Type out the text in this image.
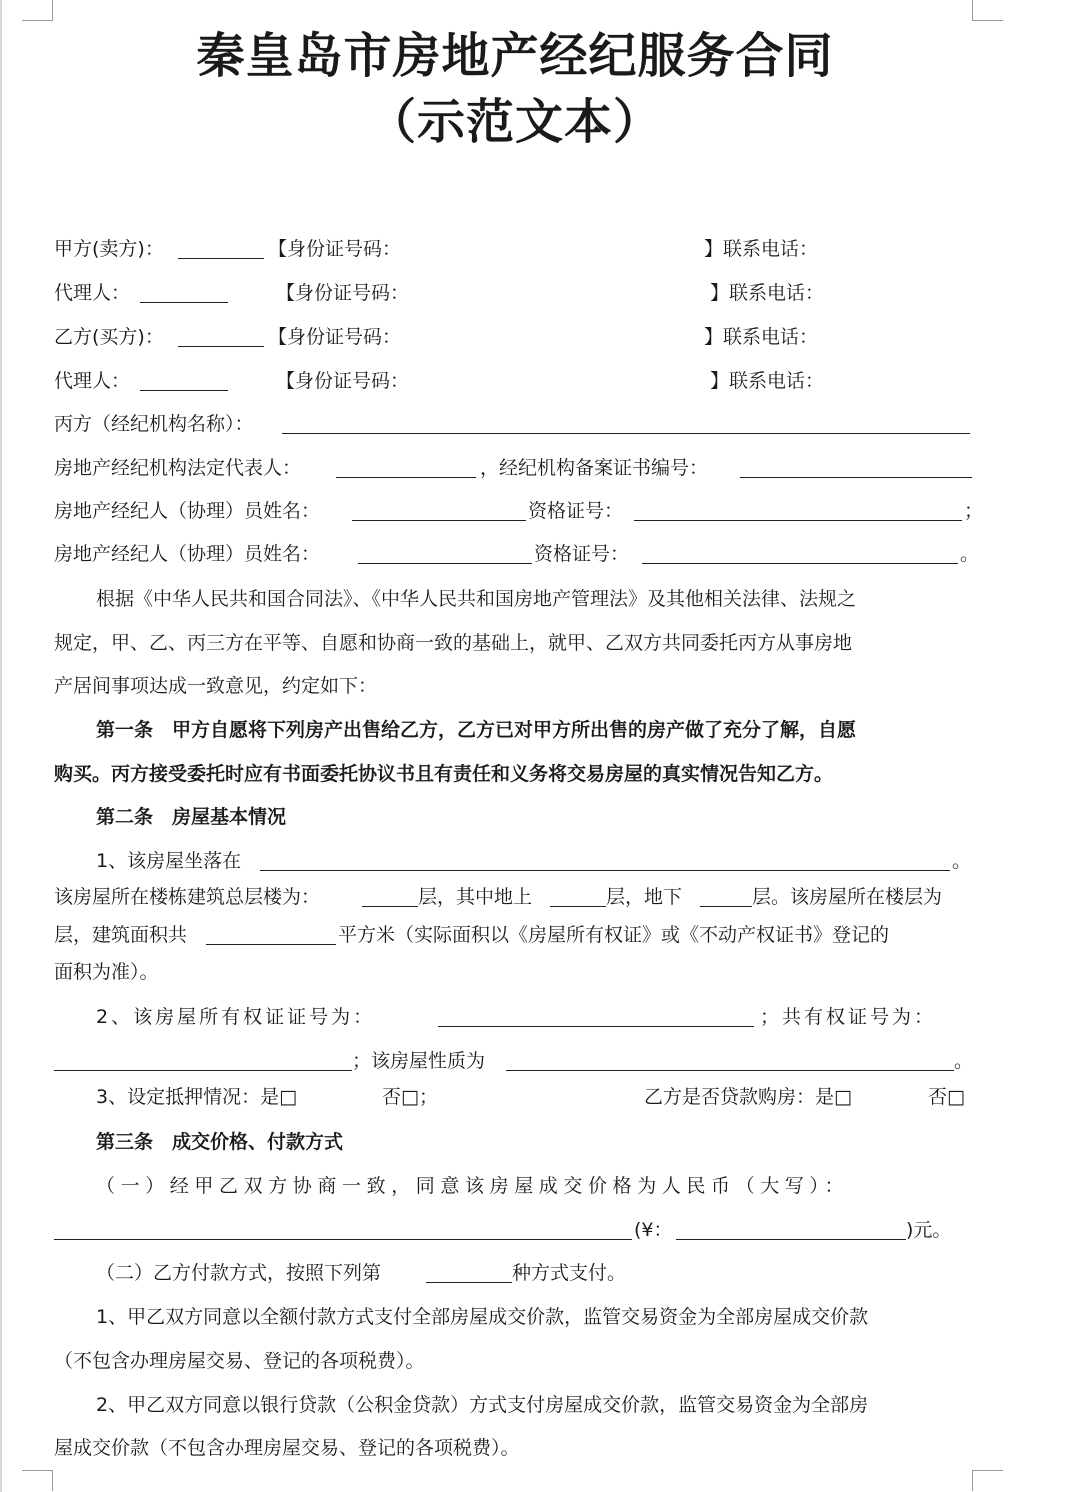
秦皇岛市房地产经纪服务合同
（示范文本）
甲方(卖方)：	【身份证号码：	】联系电话：
代理人：	【身份证号码：	】联系电话：
乙方(买方)：	【身份证号码：	】联系电话：
代理人：	【身份证号码：	】联系电话：
丙方（经纪机构名称）：
房地产经纪机构法定代表人：	，经纪机构备案证书编号：
房地产经纪人（协理）员姓名：	资格证号：	；
房地产经纪人（协理）员姓名：	资格证号：	。
根据《中华人民共和国合同法》、《中华人民共和国房地产管理法》及其他相关法律、法规之
规定，甲、乙、丙三方在平等、自愿和协商一致的基础上，就甲、乙双方共同委托丙方从事房地
产居间事项达成一致意见，约定如下：
第一条　甲方自愿将下列房产出售给乙方，乙方已对甲方所出售的房产做了充分了解，自愿
购买。丙方接受委托时应有书面委托协议书且有责任和义务将交易房屋的真实情况告知乙方。
第二条　房屋基本情况
1、该房屋坐落在	。
该房屋所在楼栋建筑总层楼为：	层，其中地上	层，地下	层。该房屋所在楼层为
层，建筑面积共	平方米（实际面积以《房屋所有权证》或《不动产权证书》登记的
面积为准）。
2、该房屋所有权证证号为：	；共有权证号为：
；该房屋性质为	。
3、设定抵押情况：是□	否□；	乙方是否贷款购房：是□	否□
第三条　成交价格、付款方式
（一）经甲乙双方协商一致，同意该房屋成交价格为人民币（大写）：
(¥：	)元。
（二）乙方付款方式，按照下列第	种方式支付。
1、甲乙双方同意以全额付款方式支付全部房屋成交价款，监管交易资金为全部房屋成交价款
（不包含办理房屋交易、登记的各项税费）。
2、甲乙双方同意以银行贷款（公积金贷款）方式支付房屋成交价款，监管交易资金为全部房
屋成交价款（不包含办理房屋交易、登记的各项税费）。
